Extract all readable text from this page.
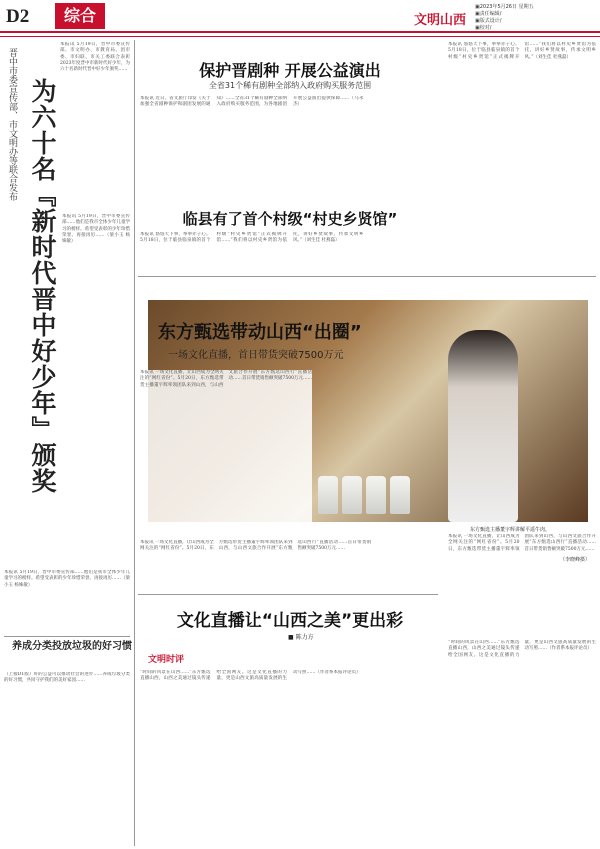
D2	综合	文明山西
▣2023年5月26日 星期五
▣责任编辑/
▣版式设计/
▣校对/
本报讯 5月19日，晋中市委宣传部、市文明办、市教育局、团市委、市妇联、市关工委联合表彰2023年度晋中市新时代好少年，为六十名新时代晋中好少年颁奖……
晋中市委宣传部、市文明办等联合发布 为六十名『新时代晋中好少年』颁奖	本报讯 5月19日，晋中市委宣传部……他们是我市全体少年儿童学习的榜样。希望受表彰的少年珍惜荣誉、再接再厉……（梁小玉 杨姝敏）
本报讯 5月19日，晋中市委宣传部……他们是我市全体少年儿童学习的榜样。希望受表彰的少年珍惜荣誉、再接再厉……（梁小玉 杨姝敏）
养成分类投放垃圾的好习惯
（上接D1版）好的公益可以推动社会的进步……养成垃圾分类的好习惯，共同守护我们的美好家园……
保护晋剧种 开展公益演出
全省31个稀有剧种全部纳入政府购买服务范围
本报讯 近日，省文旅厅印发《关于加强全省剧种保护和剧团发展的通知》……全省31个稀有剧种全部纳入政府购买服务范围，为各地剧团开展公益演出提供保障……（马永杰）
本报讯 悠悠天下事，拳拳赤子心。5月18日，位于临县临泉镇的首个村级“村史乡贤馆”正式揭牌开馆……“我们将以村史乡贤馆为依托，讲好乡贤故事，传承文明乡风。”（刘生佳 杜燕磊）
临县有了首个村级“村史乡贤馆”
本报讯 悠悠天下事，拳拳赤子心。5月18日，位于临县临泉镇的首个村级“村史乡贤馆”正式揭牌开馆……“我们将以村史乡贤馆为依托，讲好乡贤故事，传承文明乡风。”（刘生佳 杜燕磊）
东方甄选带动山西“出圈”
一场文化直播，首日带货突破7500万元
本报讯 一场文化直播，让山西成为全网关注的“网红省份”。5月20日，东方甄选带货主播董宇辉率领团队来到山西，与山西文旅合作开展“东方甄选山西行”直播活动……首日带货销售额突破7500万元……
本报讯 一场文化直播，让山西成为全网关注的“网红省份”。5月20日，东方甄选带货主播董宇辉率领团队来到山西，与山西文旅合作开展“东方甄选山西行”直播活动……首日带货销售额突破7500万元……
东方甄选主播董宇辉讲解平遥牛肉。
本报讯 一场文化直播，让山西成为全网关注的“网红省份”。5月20日，东方甄选带货主播董宇辉率领团队来到山西，与山西文旅合作开展“东方甄选山西行”直播活动……首日带货销售额突破7500万元……
（李晓峰摄）
文化直播让“山西之美”更出彩
■ 陈力方
文明时评
“时间的风景在山西……”东方甄选直播山西，山西之美通过镜头传递给全国网友。这是文化直播的力量，更是山西文旅高质量发展的生动写照……（作者系本报评论员）
“时间的风景在山西……”东方甄选直播山西，山西之美通过镜头传递给全国网友。这是文化直播的力量，更是山西文旅高质量发展的生动写照……（作者系本报评论员）
